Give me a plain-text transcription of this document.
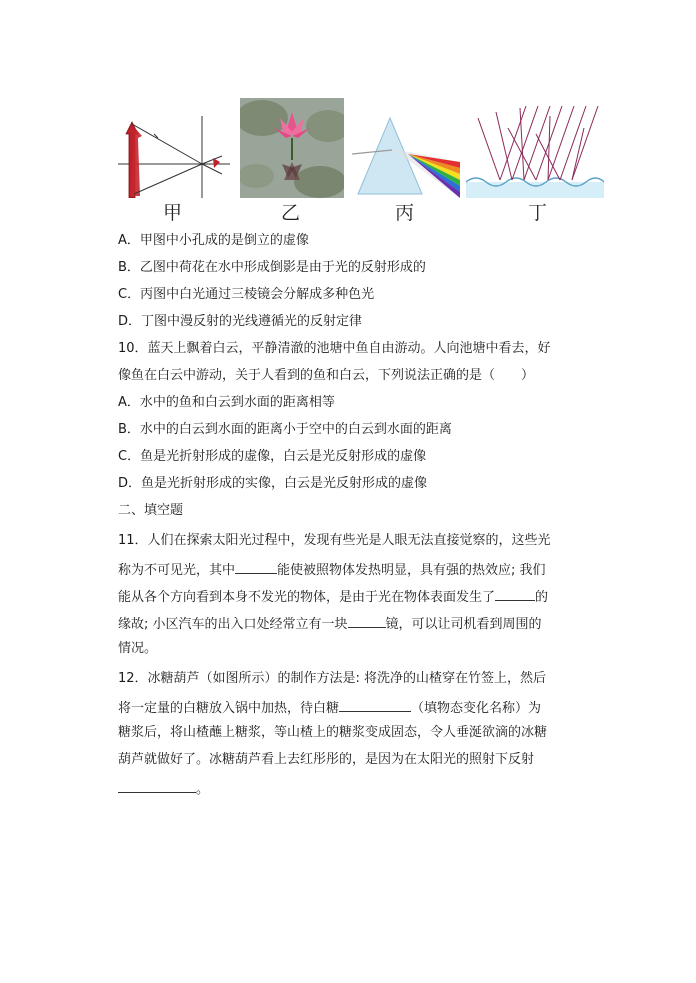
甲	乙	丙	丁
A．甲图中小孔成的是倒立的虚像
B．乙图中荷花在水中形成倒影是由于光的反射形成的
C．丙图中白光通过三棱镜会分解成多种色光
D．丁图中漫反射的光线遵循光的反射定律
10．蓝天上飘着白云，平静清澈的池塘中鱼自由游动。人向池塘中看去，好
像鱼在白云中游动，关于人看到的鱼和白云，下列说法正确的是（　　）
A．水中的鱼和白云到水面的距离相等
B．水中的白云到水面的距离小于空中的白云到水面的距离
C．鱼是光折射形成的虚像，白云是光反射形成的虚像
D．鱼是光折射形成的实像，白云是光反射形成的虚像
二、填空题
11．人们在探索太阳光过程中，发现有些光是人眼无法直接觉察的，这些光
称为不可见光，其中	能使被照物体发热明显，具有强的热效应; 我们
能从各个方向看到本身不发光的物体，是由于光在物体表面发生了	的
缘故; 小区汽车的出入口处经常立有一块	镜，可以让司机看到周围的
情况。
12．冰糖葫芦（如图所示）的制作方法是: 将洗净的山楂穿在竹签上，然后
将一定量的白糖放入锅中加热，待白糖	（填物态变化名称）为
糖浆后，将山楂蘸上糖浆，等山楂上的糖浆变成固态，令人垂涎欲滴的冰糖
葫芦就做好了。冰糖葫芦看上去红彤彤的，是因为在太阳光的照射下反射
。
